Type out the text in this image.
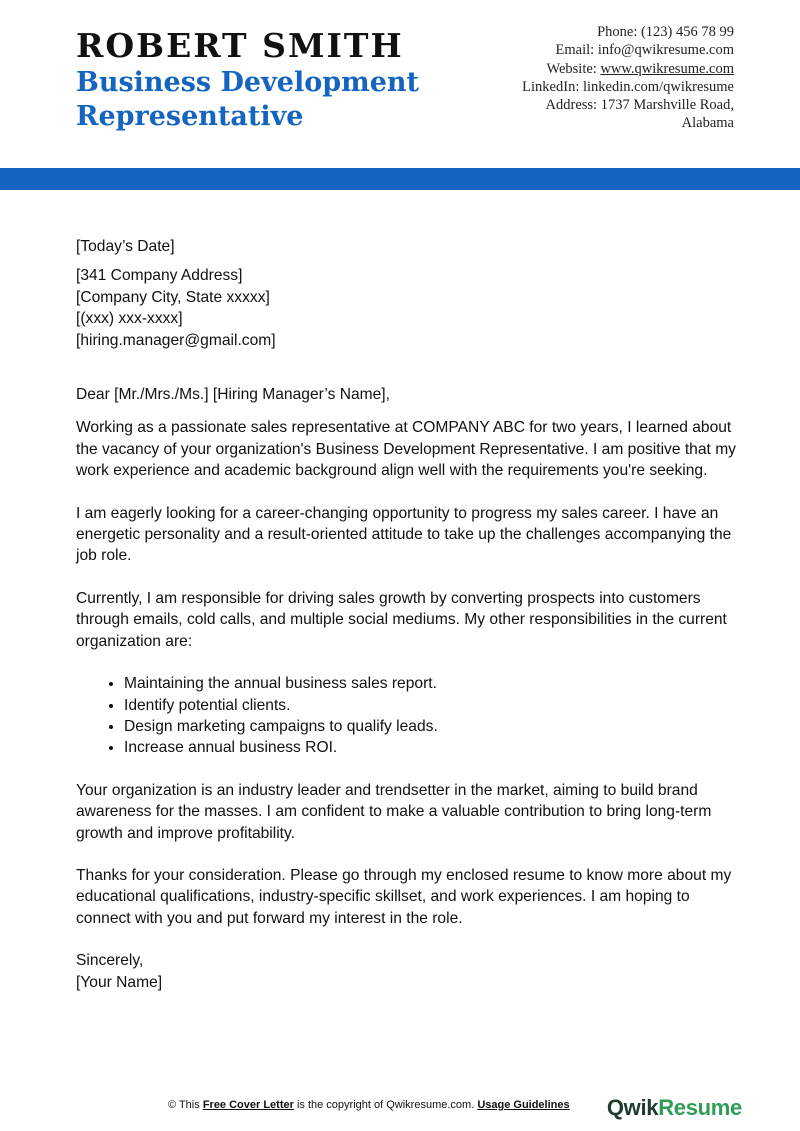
ROBERT SMITH
Business Development Representative
Phone: (123) 456 78 99
Email: info@qwikresume.com
Website: www.qwikresume.com
LinkedIn: linkedin.com/qwikresume
Address: 1737 Marshville Road,
Alabama

[Today’s Date]

[341 Company Address]

[Company City, State xxxxx]

[(xxx) xxx-xxxx]

[hiring.manager@gmail.com]

Dear [Mr./Mrs./Ms.] [Hiring Manager’s Name],

Working as a passionate sales representative at COMPANY ABC for two years, I learned about the vacancy of your organization's Business Development Representative. I am positive that my work experience and academic background align well with the requirements you're seeking.

I am eagerly looking for a career-changing opportunity to progress my sales career. I have an energetic personality and a result-oriented attitude to take up the challenges accompanying the job role.

Currently, I am responsible for driving sales growth by converting prospects into customers through emails, cold calls, and multiple social mediums. My other responsibilities in the current organization are:

• Maintaining the annual business sales report.
• Identify potential clients.
• Design marketing campaigns to qualify leads.
• Increase annual business ROI.

Your organization is an industry leader and trendsetter in the market, aiming to build brand awareness for the masses. I am confident to make a valuable contribution to bring long-term growth and improve profitability.

Thanks for your consideration. Please go through my enclosed resume to know more about my educational qualifications, industry-specific skillset, and work experiences. I am hoping to connect with you and put forward my interest in the role.

Sincerely,

[Your Name]

© This Free Cover Letter is the copyright of Qwikresume.com. Usage Guidelines QwikResume
